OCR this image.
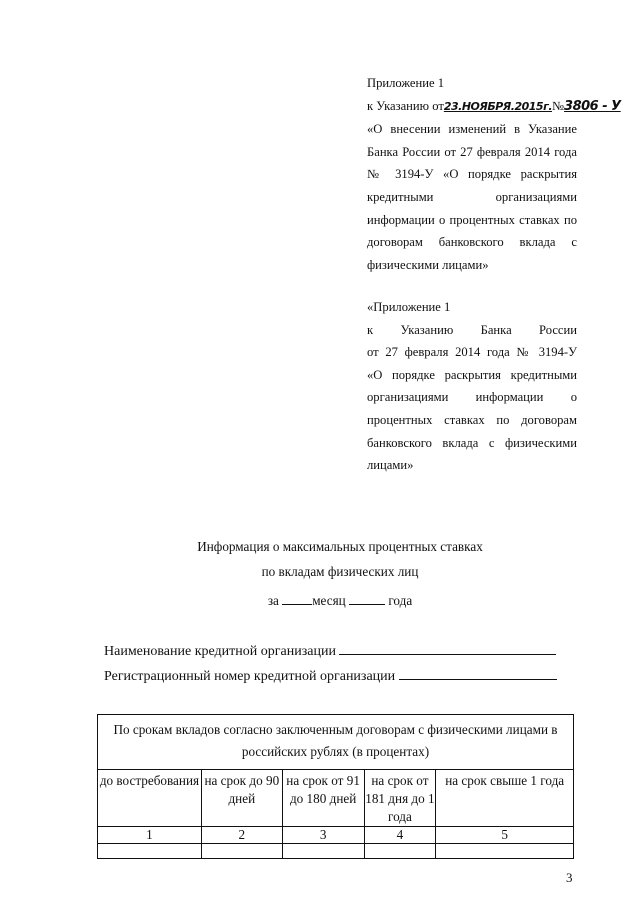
Приложение 1
к Указанию от23.НОЯБРЯ.2015г.№3806 - У
«О внесении изменений в Указание
Банка России от 27 февраля 2014 года
№ 3194-У «О порядке раскрытия
кредитными организациями
информации о процентных ставках по
договорам банковского вклада с
физическими лицами»
«Приложение 1
к Указанию Банка России
от 27 февраля 2014 года № 3194-У
«О порядке раскрытия кредитными
организациями информации о
процентных ставках по договорам
банковского вклада с физическими
лицами»
Информация о максимальных процентных ставках
по вкладам физических лиц
за	месяц	года
Наименование кредитной организации
Регистрационный номер кредитной организации
По срокам вкладов согласно заключенным договорам с физическими лицами в российских рублях (в процентах)				
до востребования	на срок до 90 дней	на срок от 91 до 180 дней	на срок от 181 дня до 1 года	на срок свыше 1 года
1	2	3	4	5

3
